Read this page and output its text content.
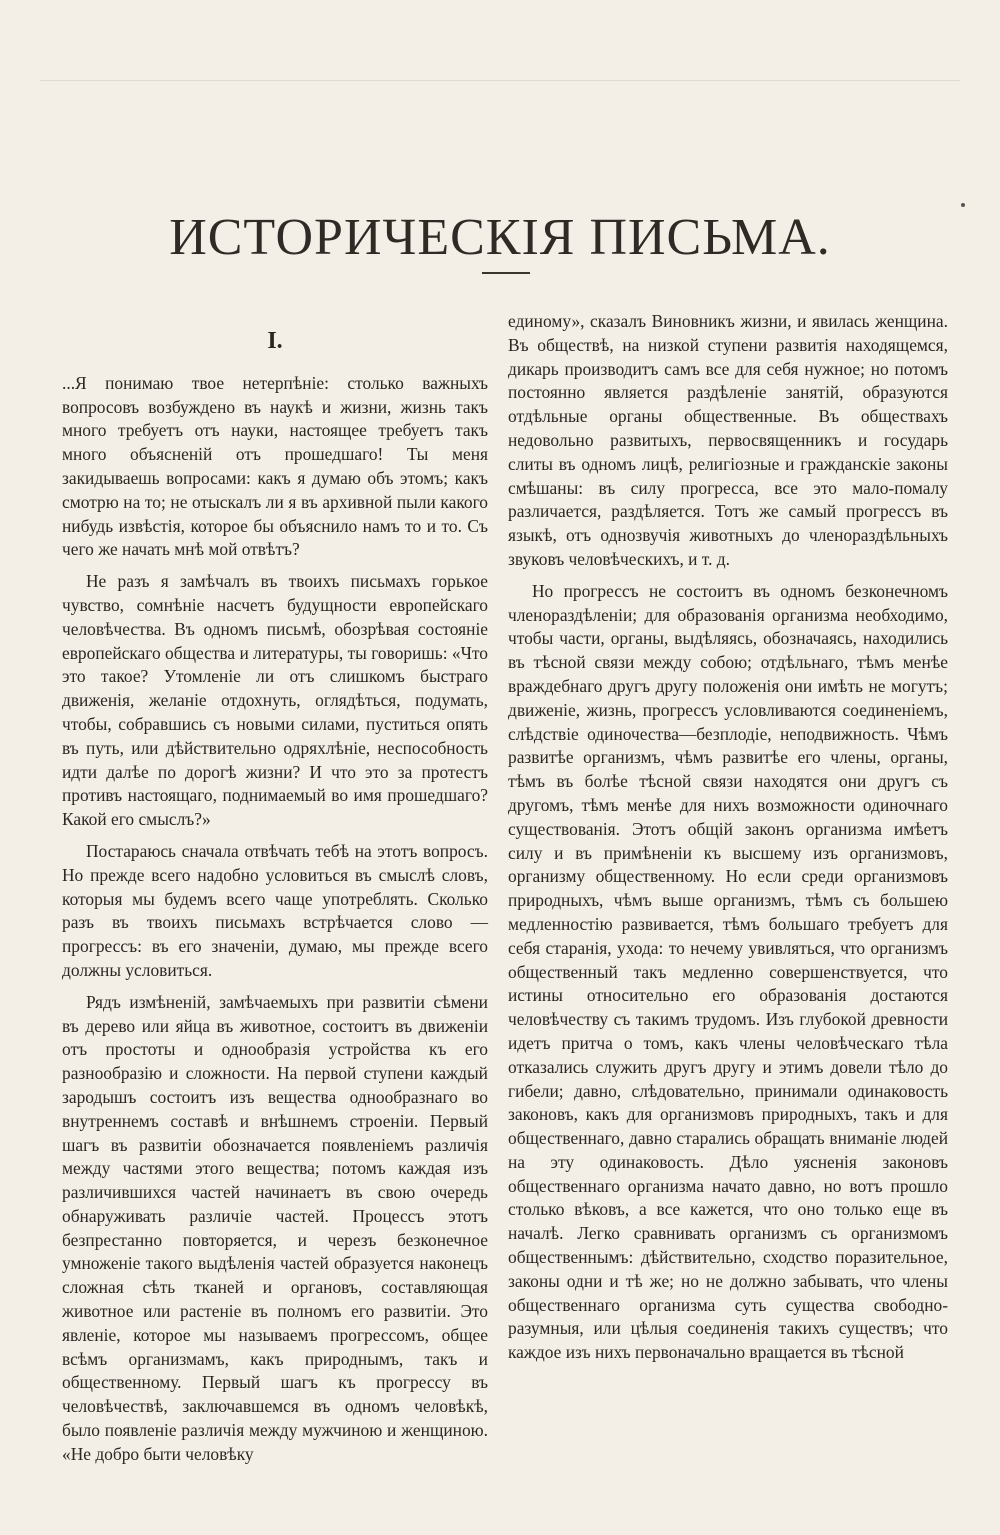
ИСТОРИЧЕСКІЯ ПИСЬМА.
I.

...Я понимаю твое нетерпѣніе: столько важныхъ вопросовъ возбуждено въ наукѣ и жизни, жизнь такъ много требуетъ отъ науки, настоящее требуетъ такъ много объясненій отъ прошедшаго! Ты меня закидываешь вопросами: какъ я думаю объ этомъ; какъ смотрю на то; не отыскалъ ли я въ архивной пыли какого нибудь извѣстія, которое бы объяснило намъ то и то. Съ чего же начать мнѣ мой отвѣтъ?

Не разъ я замѣчалъ въ твоихъ письмахъ горькое чувство, сомнѣніе насчетъ будущности европейскаго человѣчества. Въ одномъ письмѣ, обозрѣвая состояніе европейскаго общества и литературы, ты говоришь: «Что это такое? Утомленіе ли отъ слишкомъ быстраго движенія, желаніе отдохнуть, оглядѣться, подумать, чтобы, собравшись съ новыми силами, пуститься опять въ путь, или дѣйствительно одряхлѣніе, неспособность идти далѣе по дорогѣ жизни? И что это за протестъ противъ настоящаго, поднимаемый во имя прошедшаго? Какой его смыслъ?»

Постараюсь сначала отвѣчать тебѣ на этотъ вопросъ. Но прежде всего надобно условиться въ смыслѣ словъ, которыя мы будемъ всего чаще употреблять. Сколько разъ въ твоихъ письмахъ встрѣчается слово — прогрессъ: въ его значеніи, думаю, мы прежде всего должны условиться.

Рядъ измѣненій, замѣчаемыхъ при развитіи сѣмени въ дерево или яйца въ животное, состоитъ въ движеніи отъ простоты и однообразія устройства къ его разнообразію и сложности. На первой ступени каждый зародышъ состоитъ изъ вещества однообразнаго во внутреннемъ составѣ и внѣшнемъ строеніи. Первый шагъ въ развитіи обозначается появленіемъ различія между частями этого вещества; потомъ каждая изъ различившихся частей начинаетъ въ свою очередь обнаруживать различіе частей. Процессъ этотъ безпрестанно повторяется, и черезъ безконечное умноженіе такого выдѣленія частей образуется наконецъ сложная сѣть тканей и органовъ, составляющая животное или растеніе въ полномъ его развитіи. Это явленіе, которое мы называемъ прогрессомъ, общее всѣмъ организмамъ, какъ природнымъ, такъ и общественному. Первый шагъ къ прогрессу въ человѣчествѣ, заключавшемся въ одномъ человѣкѣ, было появленіе различія между мужчиною и женщиною. «Не добро быти человѣку

единому», сказалъ Виновникъ жизни, и явилась женщина. Въ обществѣ, на низкой ступени развитія находящемся, дикарь производитъ самъ все для себя нужное; но потомъ постоянно является раздѣленіе занятій, образуются отдѣльные органы общественные. Въ обществахъ недовольно развитыхъ, первосвященникъ и государь слиты въ одномъ лицѣ, религіозные и гражданскіе законы смѣшаны: въ силу прогресса, все это мало-помалу различается, раздѣляется. Тотъ же самый прогрессъ въ языкѣ, отъ однозвучія животныхъ до членораздѣльныхъ звуковъ человѣческихъ, и т. д.

Но прогрессъ не состоитъ въ одномъ безконечномъ членораздѣленіи; для образованія организма необходимо, чтобы части, органы, выдѣляясь, обозначаясь, находились въ тѣсной связи между собою; отдѣльнаго, тѣмъ менѣе враждебнаго другъ другу положенія они имѣть не могутъ; движеніе, жизнь, прогрессъ условливаются соединеніемъ, слѣдствіе одиночества—безплодіе, неподвижность. Чѣмъ развитѣе организмъ, чѣмъ развитѣе его члены, органы, тѣмъ въ болѣе тѣсной связи находятся они другъ съ другомъ, тѣмъ менѣе для нихъ возможности одиночнаго существованія. Этотъ общій законъ организма имѣетъ силу и въ примѣненіи къ высшему изъ организмовъ, организму общественному. Но если среди организмовъ природныхъ, чѣмъ выше организмъ, тѣмъ съ большею медленностію развивается, тѣмъ большаго требуетъ для себя старанія, ухода: то нечему увивляться, что организмъ общественный такъ медленно совершенствуется, что истины относительно его образованія достаются человѣчеству съ такимъ трудомъ. Изъ глубокой древности идетъ притча о томъ, какъ члены человѣческаго тѣла отказались служить другъ другу и этимъ довели тѣло до гибели; давно, слѣдовательно, принимали одинаковость законовъ, какъ для организмовъ природныхъ, такъ и для общественнаго, давно старались обращать вниманіе людей на эту одинаковость. Дѣло уясненія законовъ общественнаго организма начато давно, но вотъ прошло столько вѣковъ, а все кажется, что оно только еще въ началѣ. Легко сравнивать организмъ съ организмомъ общественнымъ: дѣйствительно, сходство поразительное, законы одни и тѣ же; но не должно забывать, что члены общественнаго организма суть существа свободно-разумныя, или цѣлыя соединенія такихъ существъ; что каждое изъ нихъ первоначально вращается въ тѣсной
